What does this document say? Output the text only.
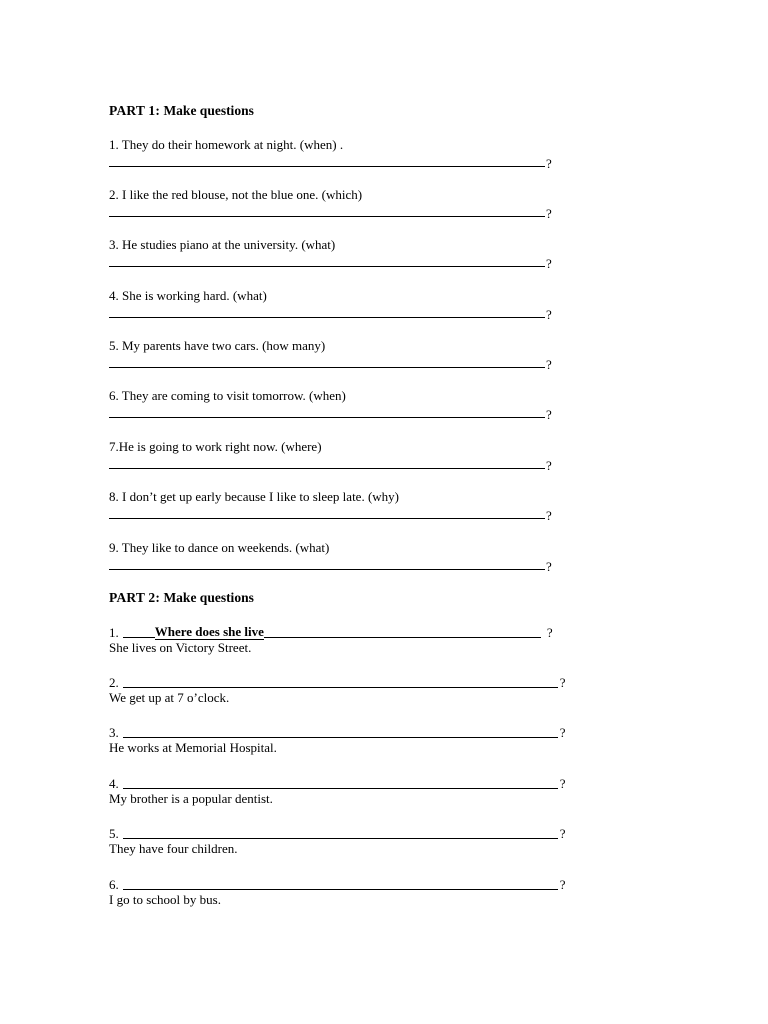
PART 1: Make questions
1. They do their homework at night. (when) .
?
2. I like the red blouse, not the blue one. (which)
?
3. He studies piano at the university. (what)
?
4. She is working hard. (what)
?
5. My parents have two cars. (how many)
?
6. They are coming to visit tomorrow. (when)
?
7.He is going to work right now. (where)
?
8. I don’t get up early because I like to sleep late. (why)
?
9. They like to dance on weekends. (what)
?
PART 2: Make questions
1.	Where does she live	?
She lives on Victory Street.
2.	?
We get up at 7 o’clock.
3.	?
He works at Memorial Hospital.
4.	?
My brother is a popular dentist.
5.	?
They have four children.
6.	?
I go to school by bus.
